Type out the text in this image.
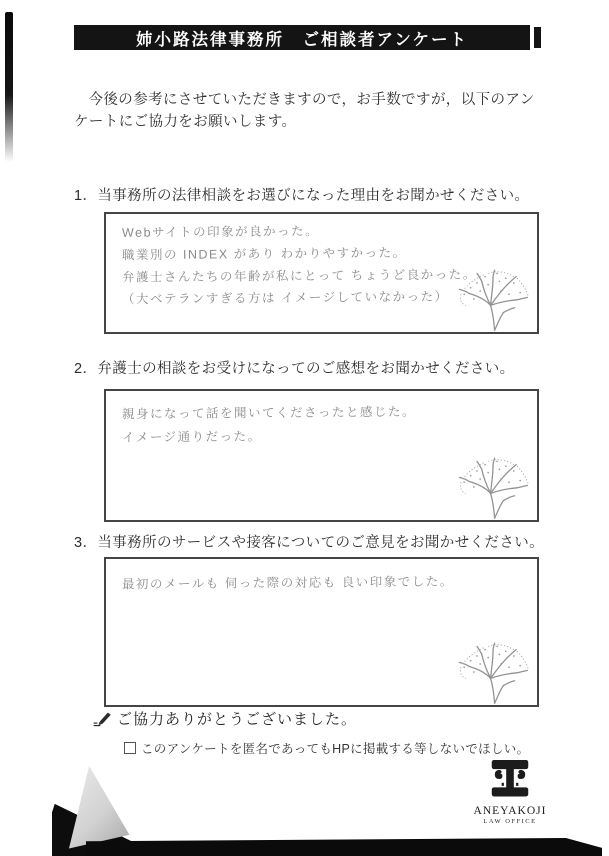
姉小路法律事務所　ご相談者アンケート
今後の参考にさせていただきますので，お手数ですが，以下のアンケートにご協力をお願いします。
1．当事務所の法律相談をお選びになった理由をお聞かせください。
Webサイトの印象が良かった。
職業別の INDEX があり わかりやすかった。
弁護士さんたちの年齢が私にとって ちょうど良かった。
（大ベテランすぎる方は イメージしていなかった）
2．弁護士の相談をお受けになってのご感想をお聞かせください。
親身になって話を聞いてくださったと感じた。
イメージ通りだった。
3．当事務所のサービスや接客についてのご意見をお聞かせください。
最初のメールも 伺った際の対応も 良い印象でした。
ご協力ありがとうございました。
このアンケートを匿名であってもHPに掲載する等しないでほしい。
ANEYAKOJI
LAW OFFICE
